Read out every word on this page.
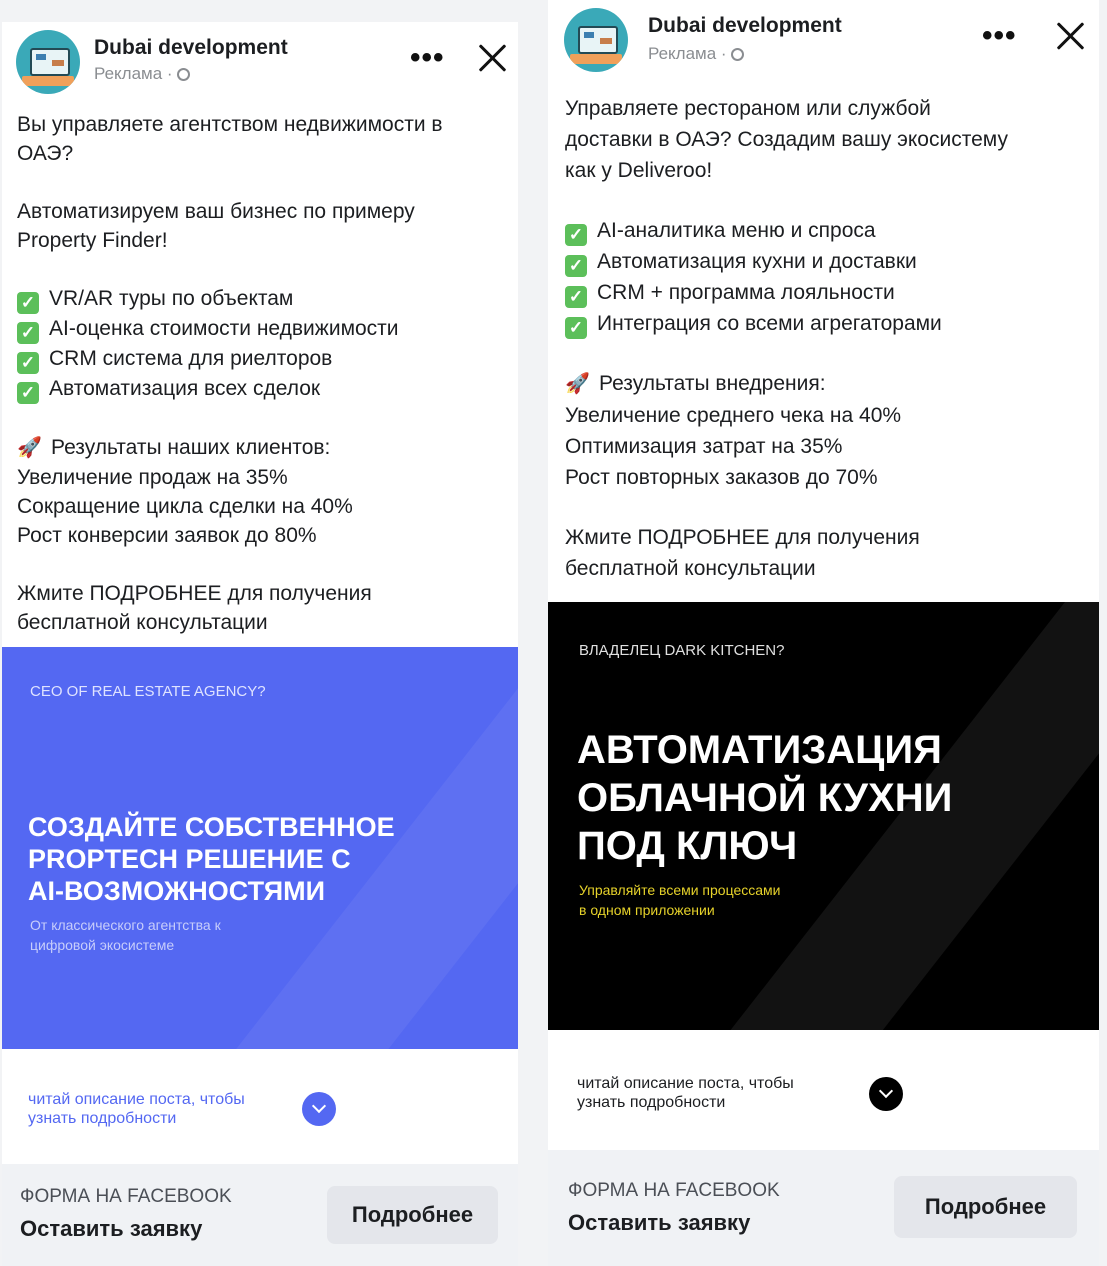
Dubai development
Реклама ·	•••

Вы управляете агентством недвижимости в

ОАЭ?

Автоматизируем ваш бизнес по примеру

Property Finder!

✓ VR/AR туры по объектам

✓ AI-оценка стоимости недвижимости

✓ CRM система для риелторов

✓ Автоматизация всех сделок

🚀 Результаты наших клиентов:

Увеличение продаж на 35%

Сокращение цикла сделки на 40%

Рост конверсии заявок до 80%

Жмите ПОДРОБНЕЕ для получения

бесплатной консультации

CEO OF REAL ESTATE AGENCY?
СОЗДАЙТЕ СОБСТВЕННОЕ
PROPTECH РЕШЕНИЕ С
AI-ВОЗМОЖНОСТЯМИ
От классического агентства к
цифровой экосистеме
читай описание поста, чтобы
узнать подробности
ФОРМА НА FACEBOOK
Оставить заявку
Подробнее
Dubai development
Реклама ·
•••

Управляете рестораном или службой

доставки в ОАЭ? Создадим вашу экосистему

как у Deliveroo!

✓ AI-аналитика меню и спроса

✓ Автоматизация кухни и доставки

✓ CRM + программа лояльности

✓ Интеграция со всеми агрегаторами

🚀 Результаты внедрения:

Увеличение среднего чека на 40%

Оптимизация затрат на 35%

Рост повторных заказов до 70%

Жмите ПОДРОБНЕЕ для получения

бесплатной консультации

ВЛАДЕЛЕЦ DARK KITCHEN?
АВТОМАТИЗАЦИЯ
ОБЛАЧНОЙ КУХНИ
ПОД КЛЮЧ
Управляйте всеми процессами
в одном приложении
читай описание поста, чтобы
узнать подробности
ФОРМА НА FACEBOOK
Оставить заявку
Подробнее
